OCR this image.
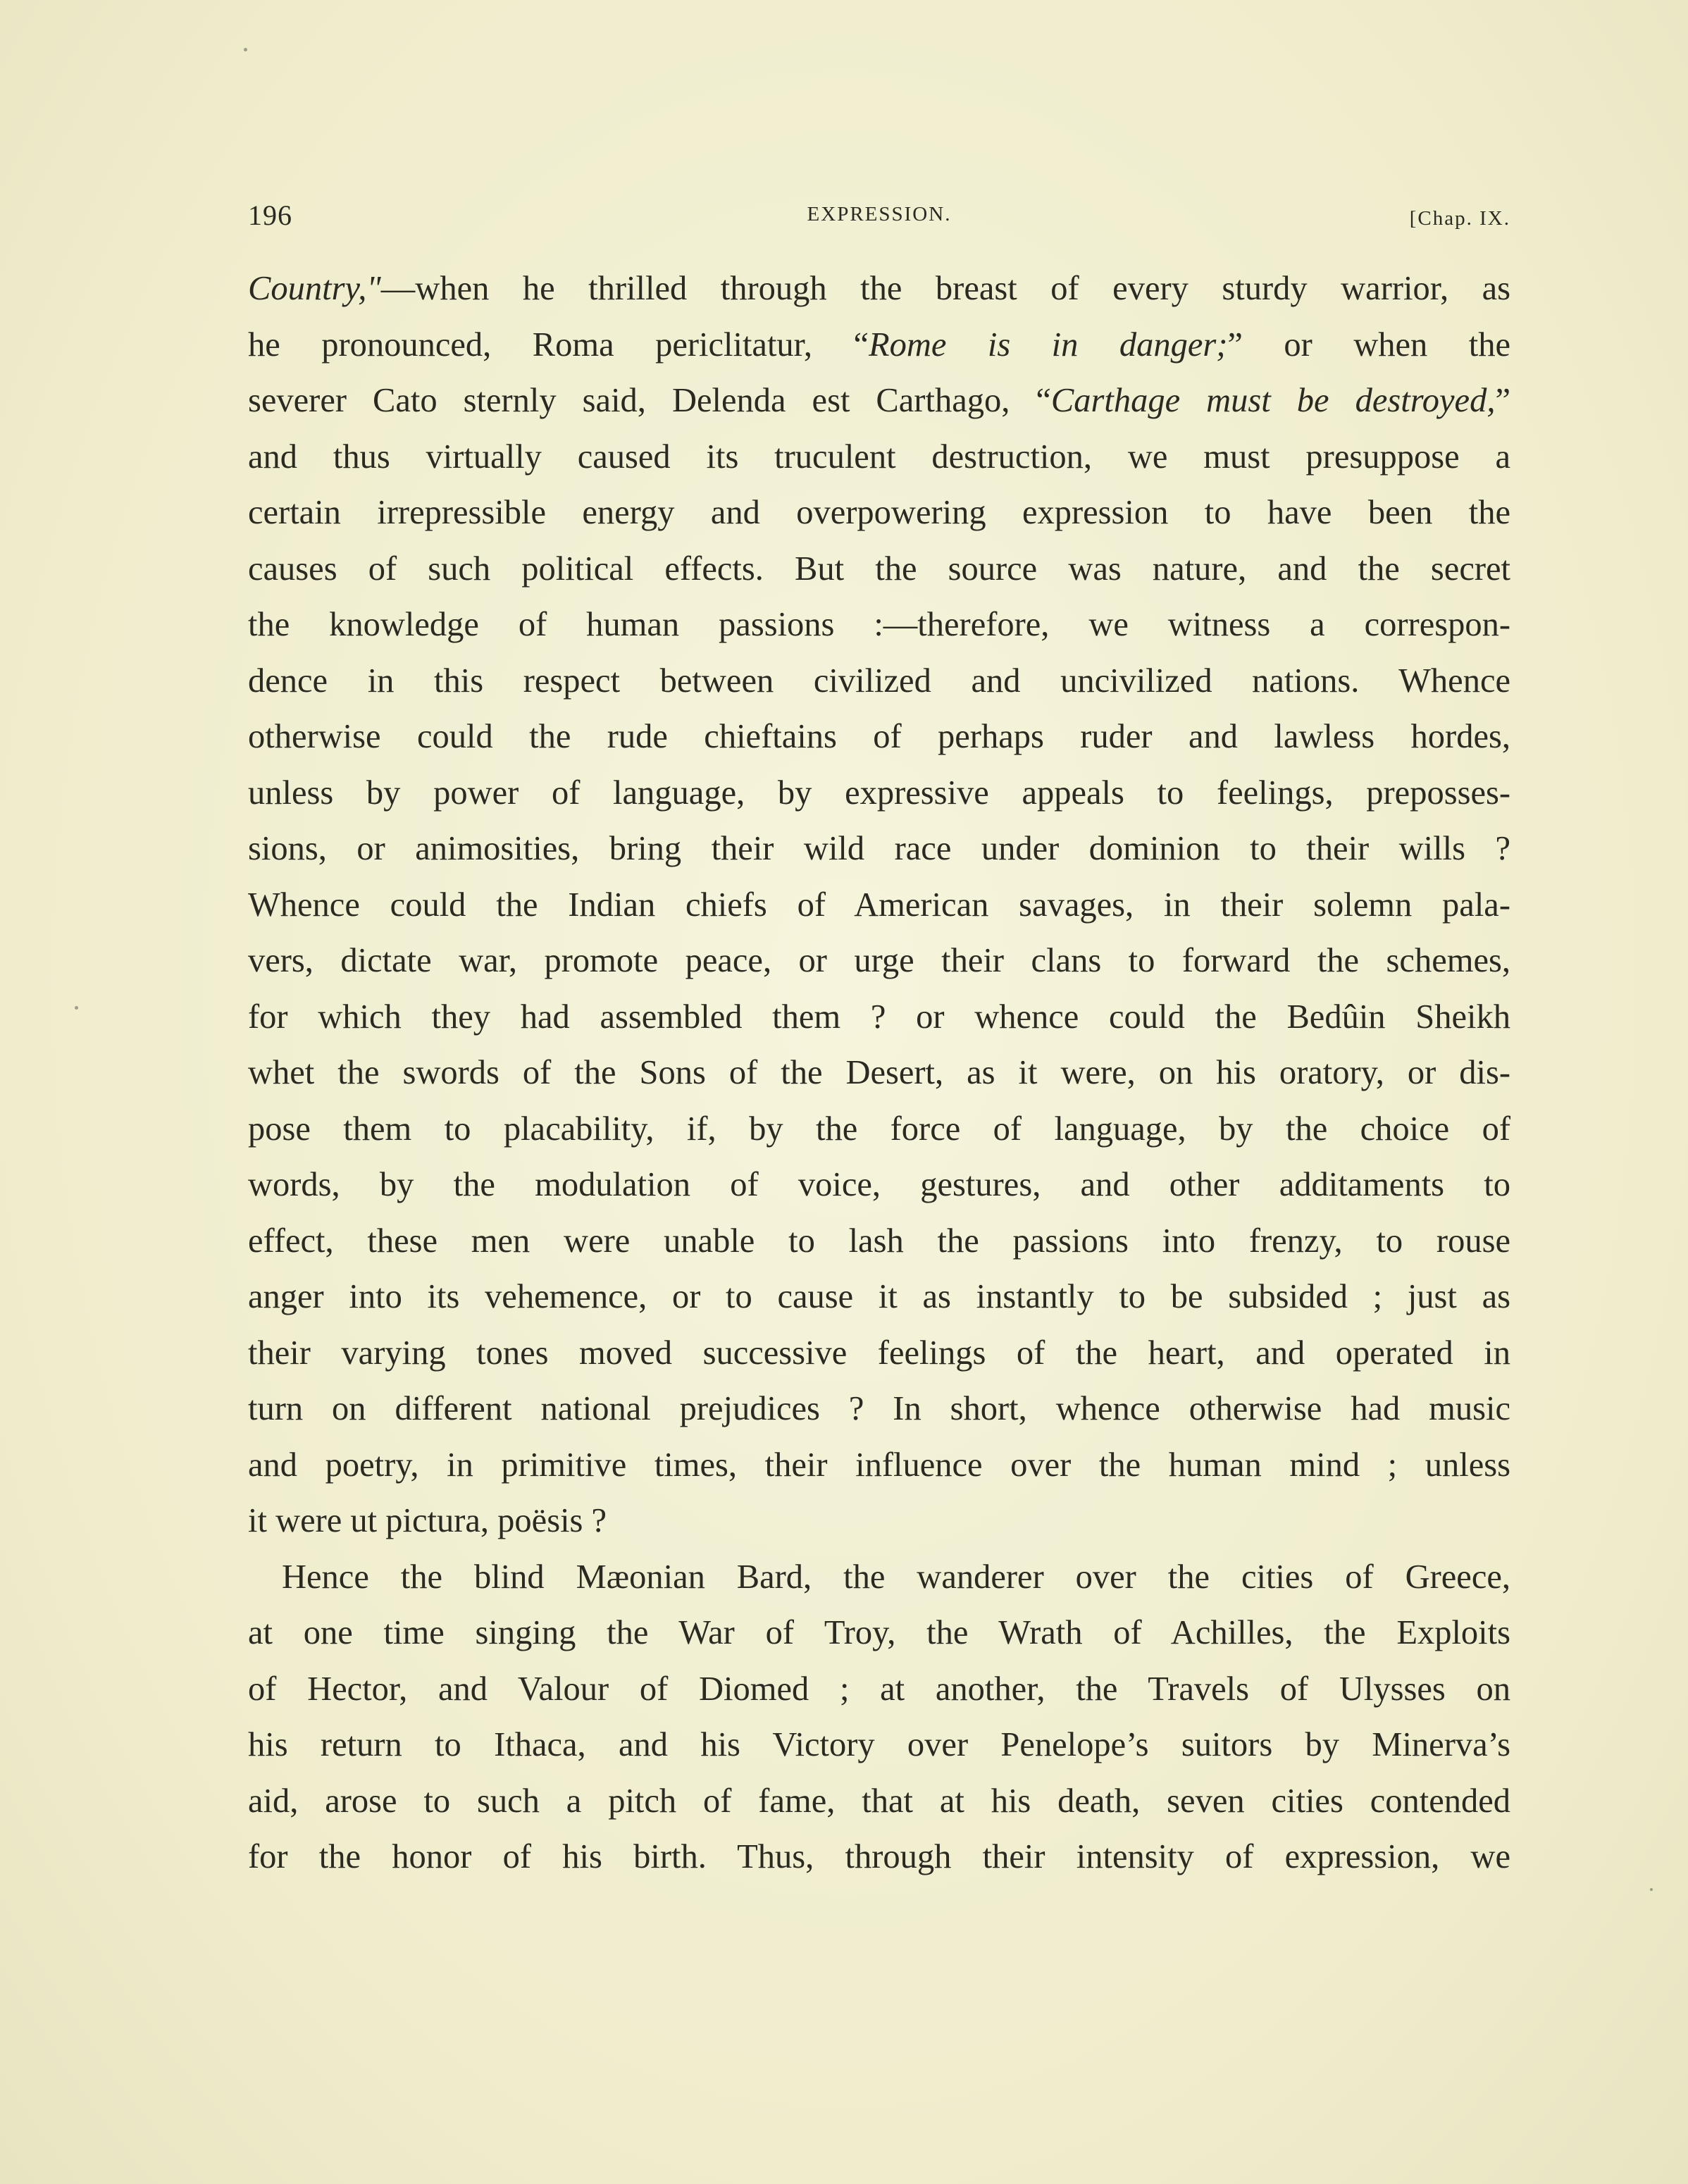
196	EXPRESSION.	[Chap. IX.
Country,"—when he thrilled through the breast of every sturdy warrior, as
he pronounced, Roma periclitatur, “Rome is in danger;” or when the
severer Cato sternly said, Delenda est Carthago, “Carthage must be destroyed,”
and thus virtually caused its truculent destruction, we must presuppose a
certain irrepressible energy and overpowering expression to have been the
causes of such political effects. But the source was nature, and the secret
the knowledge of human passions :—therefore, we witness a correspon-
dence in this respect between civilized and uncivilized nations. Whence
otherwise could the rude chieftains of perhaps ruder and lawless hordes,
unless by power of language, by expressive appeals to feelings, preposses-
sions, or animosities, bring their wild race under dominion to their wills ?
Whence could the Indian chiefs of American savages, in their solemn pala-
vers, dictate war, promote peace, or urge their clans to forward the schemes,
for which they had assembled them ? or whence could the Bedûin Sheikh
whet the swords of the Sons of the Desert, as it were, on his oratory, or dis-
pose them to placability, if, by the force of language, by the choice of
words, by the modulation of voice, gestures, and other additaments to
effect, these men were unable to lash the passions into frenzy, to rouse
anger into its vehemence, or to cause it as instantly to be subsided ; just as
their varying tones moved successive feelings of the heart, and operated in
turn on different national prejudices ? In short, whence otherwise had music
and poetry, in primitive times, their influence over the human mind ; unless
it were ut pictura, poësis ?
Hence the blind Mæonian Bard, the wanderer over the cities of Greece,
at one time singing the War of Troy, the Wrath of Achilles, the Exploits
of Hector, and Valour of Diomed ; at another, the Travels of Ulysses on
his return to Ithaca, and his Victory over Penelope’s suitors by Minerva’s
aid, arose to such a pitch of fame, that at his death, seven cities contended
for the honor of his birth. Thus, through their intensity of expression, we
